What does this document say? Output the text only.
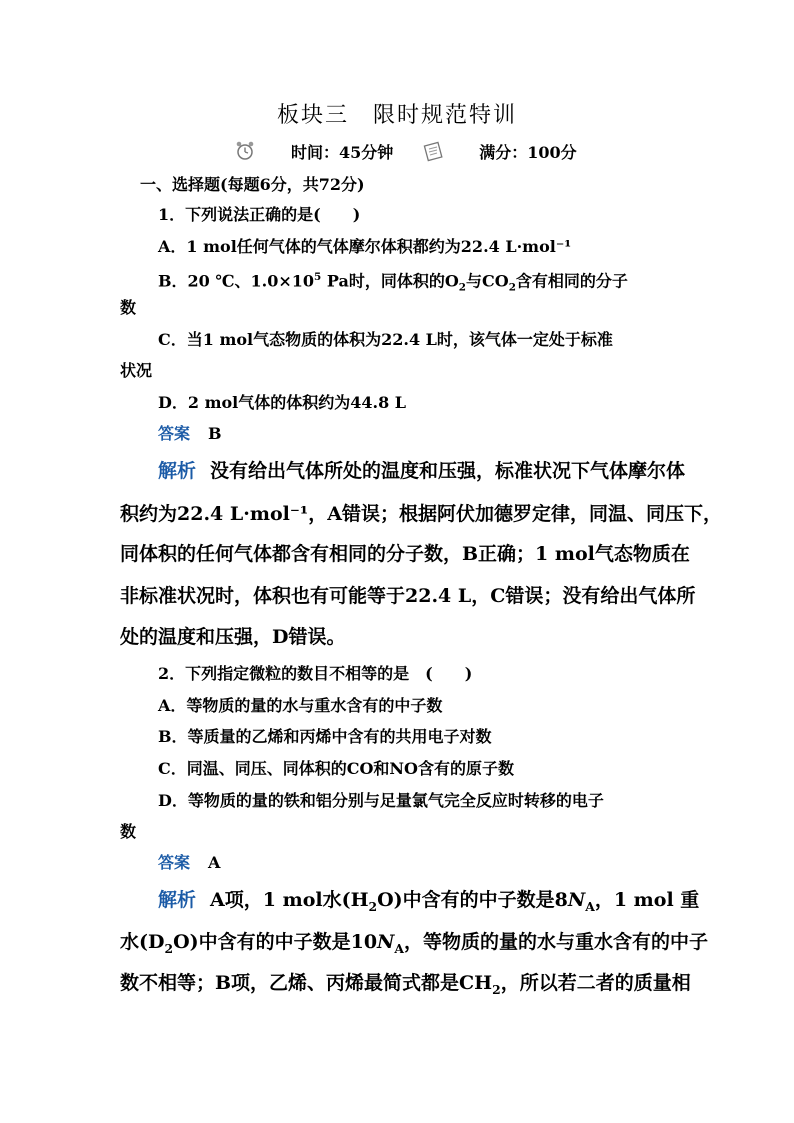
板块三　限时规范特训
时间：45分钟	满分：100分
一、选择题(每题6分，共72分)
1．下列说法正确的是(　　)
A．1 mol任何气体的气体摩尔体积都约为22.4 L·mol⁻¹
B．20 ℃、$1.0\times 10^5$ Pa时，同体积的$O_2$与$CO_2$含有相同的分子
数
C．当1 mol气态物质的体积为22.4 L时，该气体一定处于标准
状况
D．2 mol气体的体积约为44.8 L
答案 B
解析 没有给出气体所处的温度和压强，标准状况下气体摩尔体
积约为22.4 L·mol⁻¹，A错误；根据阿伏加德罗定律，同温、同压下，
同体积的任何气体都含有相同的分子数，B正确；1 mol气态物质在
非标准状况时，体积也有可能等于22.4 L，C错误；没有给出气体所
处的温度和压强，D错误。
2．下列指定微粒的数目不相等的是　(　　)
A．等物质的量的水与重水含有的中子数
B．等质量的乙烯和丙烯中含有的共用电子对数
C．同温、同压、同体积的CO和NO含有的原子数
D．等物质的量的铁和铝分别与足量氯气完全反应时转移的电子
数
答案 A
解析 A项，1 mol水$(H_2O)$中含有的中子数是$8N_A$，1 mol 重
水$(D_2O)$中含有的中子数是$10N_A$，等物质的量的水与重水含有的中子
数不相等；B项，乙烯、丙烯最简式都是$CH_2$，所以若二者的质量相
